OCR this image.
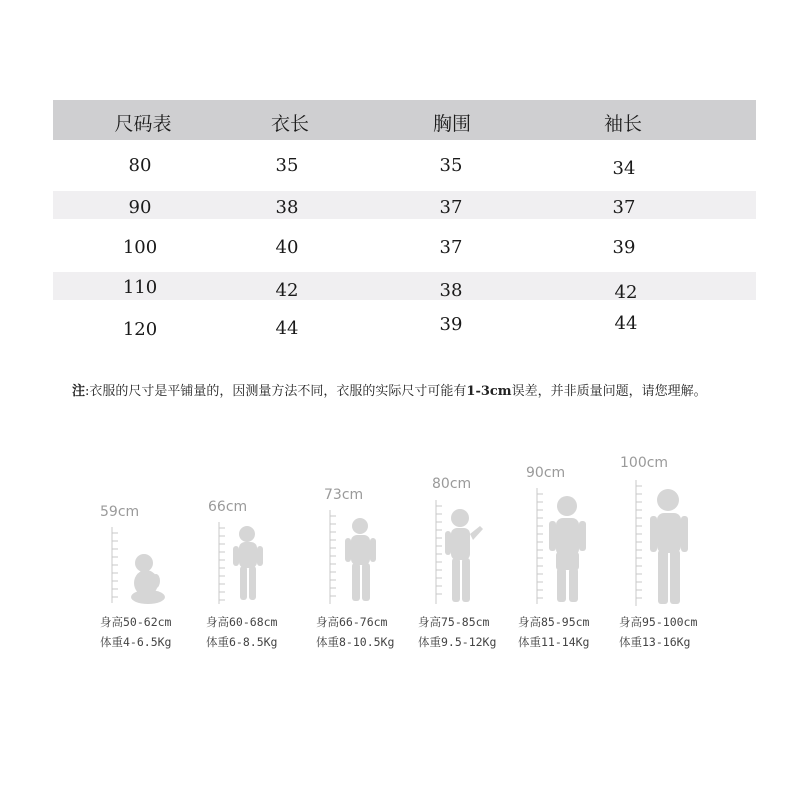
尺码表	衣长	胸围	袖长
80	35	35	34
90	38	37	37
100	40	37	39
110	42	38	42
120	44	39	44
注:衣服的尺寸是平铺量的，因测量方法不同，衣服的实际尺寸可能有1-3cm误差，并非质量问题，请您理解。
59cm	66cm
73cm
80cm
90cm
100cm
身高50-62cm
体重4-6.5Kg
身高60-68cm
体重6-8.5Kg
身高66-76cm
体重8-10.5Kg
身高75-85cm
体重9.5-12Kg
身高85-95cm
体重11-14Kg
身高95-100cm
体重13-16Kg
